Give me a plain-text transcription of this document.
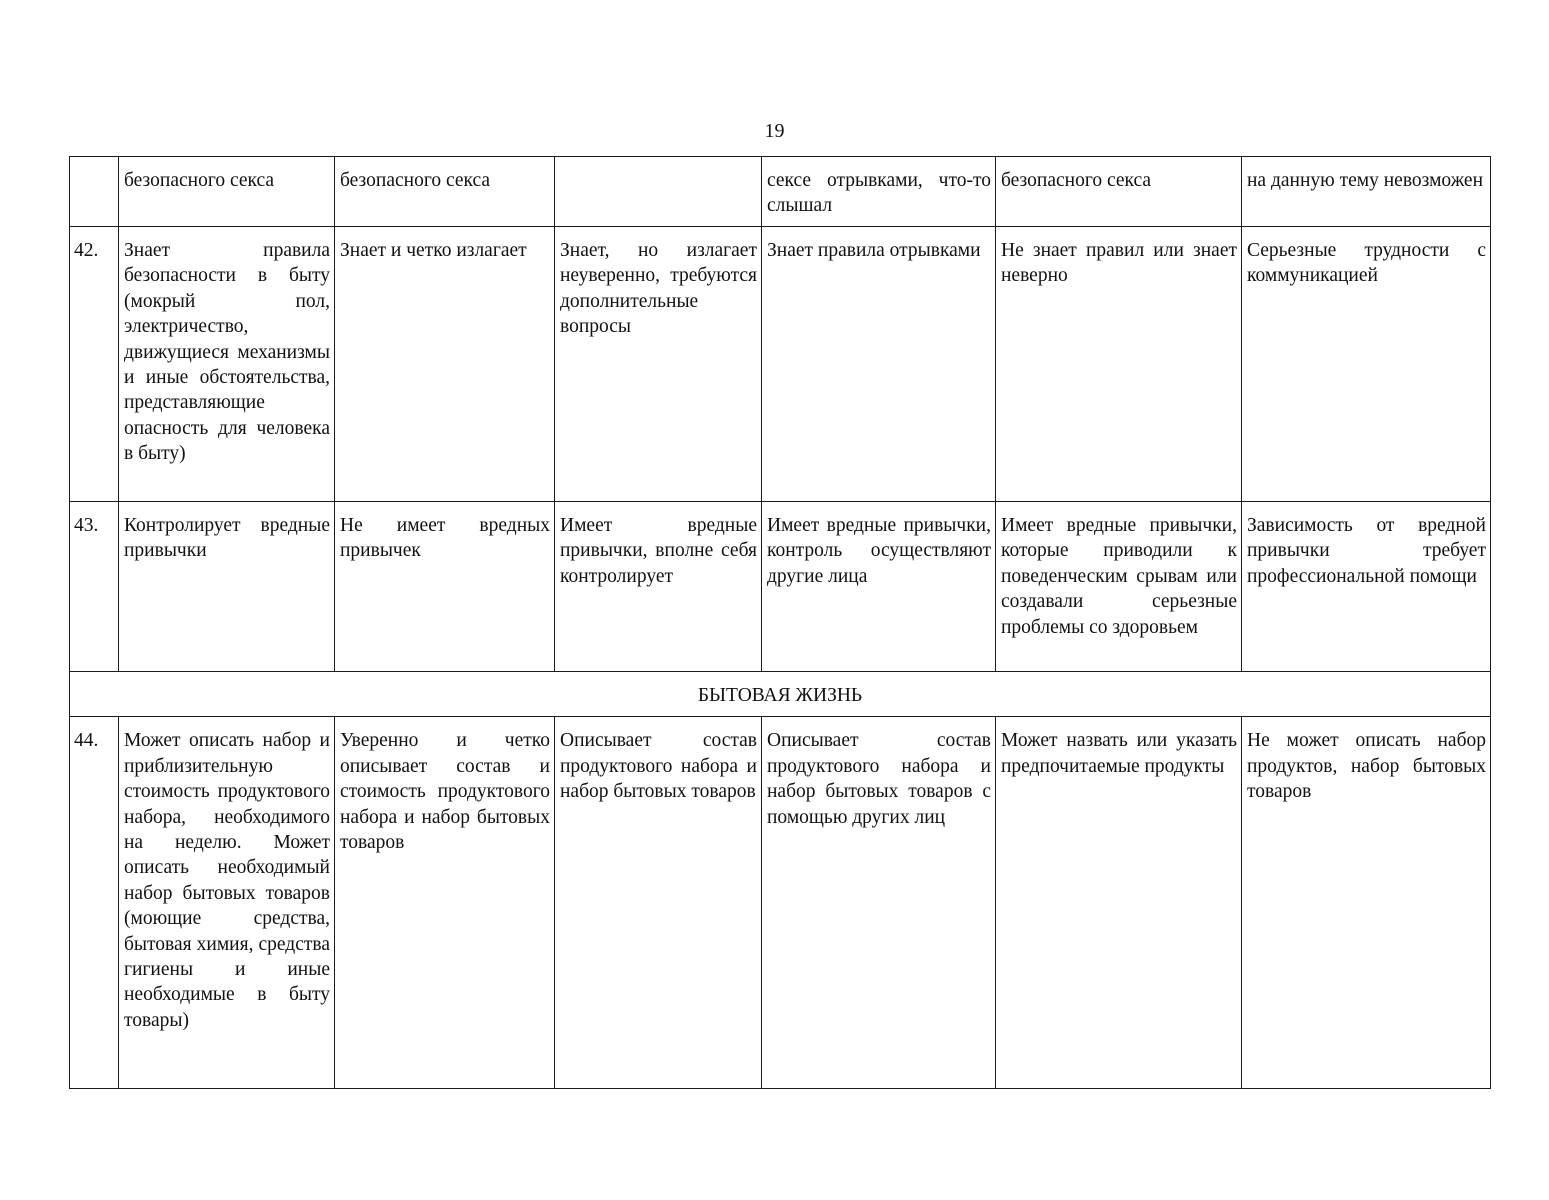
19
	безопасного секса	безопасного секса		сексе отрывками, что-то слышал	безопасного секса	на данную тему невозможен
42.	Знает правила безопасности в быту (мокрый пол, электричество, движущиеся механизмы и иные обстоятельства, представляющие опасность для человека в быту)	Знает и четко излагает	Знает, но излагает неуверенно, требуются дополнительные вопросы	Знает правила отрывками	Не знает правил или знает неверно	Серьезные трудности с коммуникацией
43.	Контролирует вредные привычки	Не имеет вредных привычек	Имеет вредные привычки, вполне себя контролирует	Имеет вредные привычки, контроль осуществляют другие лица	Имеет вредные привычки, которые приводили к поведенческим срывам или создавали серьезные проблемы со здоровьем	Зависимость от вредной привычки требует профессиональной помощи
БЫТОВАЯ ЖИЗНЬ						
44.	Может описать набор и приблизительную стоимость продуктового набора, необходимого на неделю. Может описать необходимый набор бытовых товаров (моющие средства, бытовая химия, средства гигиены и иные необходимые в быту товары)	Уверенно и четко описывает состав и стоимость продуктового набора и набор бытовых товаров	Описывает состав продуктового набора и набор бытовых товаров	Описывает состав продуктового набора и набор бытовых товаров с помощью других лиц	Может назвать или указать предпочитаемые продукты	Не может описать набор продуктов, набор бытовых товаров
